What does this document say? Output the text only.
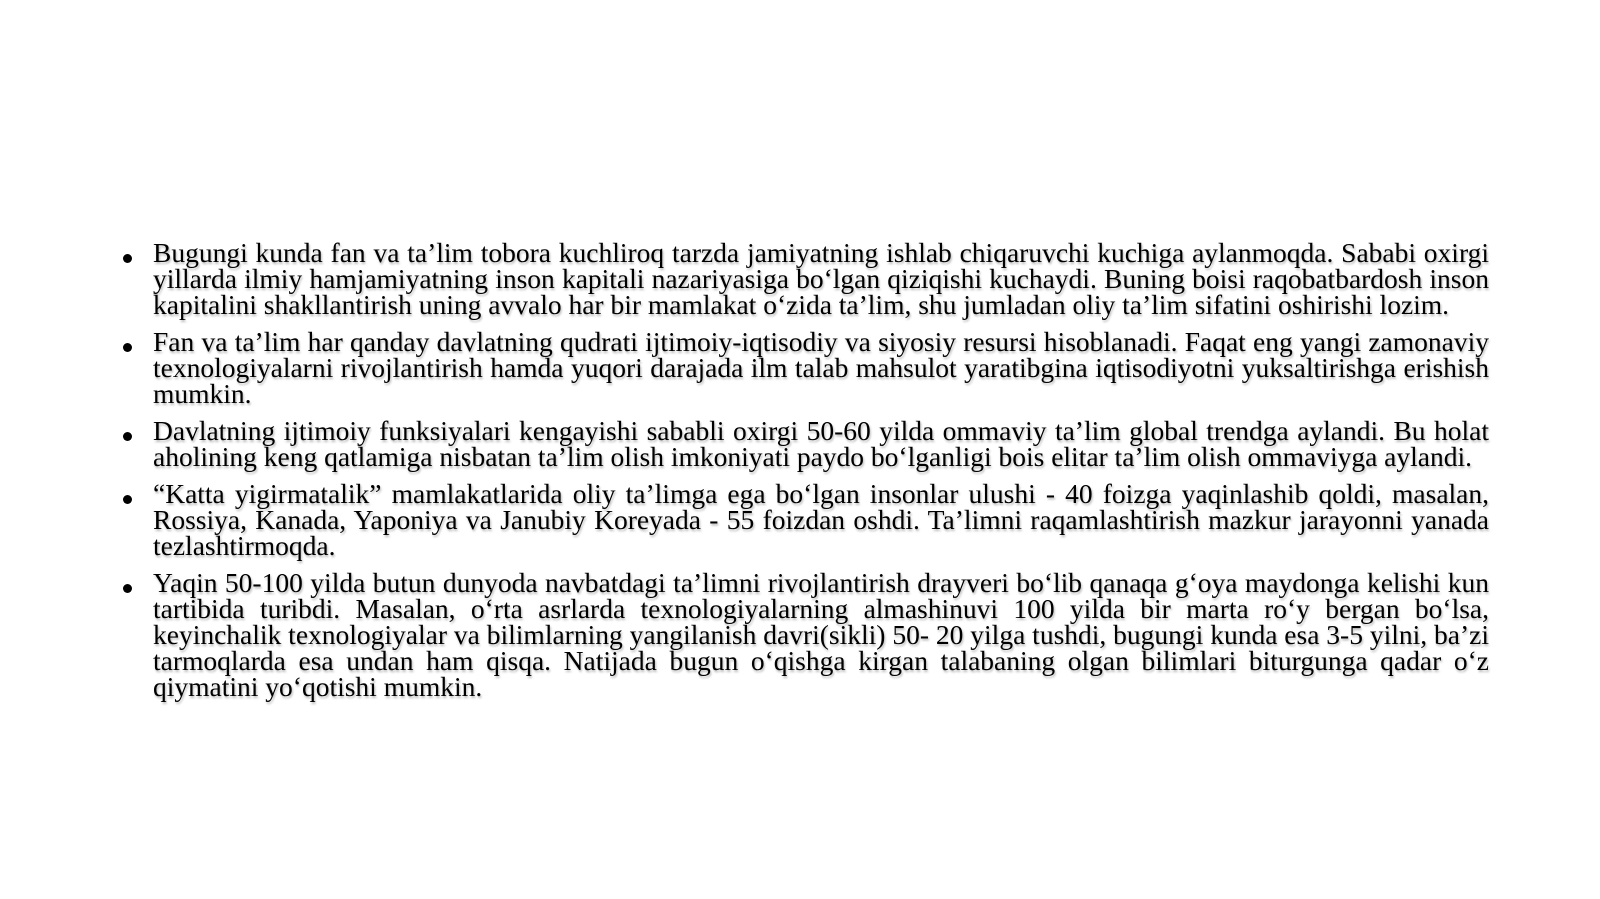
Bugungi kunda fan va ta’lim tobora kuchliroq tarzda jamiyatning ishlab chiqaruvchi kuchiga aylanmoqda. Sababi oxirgi yillarda ilmiy hamjamiyatning inson kapitali nazariyasiga bo‘lgan qiziqishi kuchaydi. Buning boisi raqobatbardosh inson kapitalini shakllantirish uning avvalo har bir mamlakat o‘zida ta’lim, shu jumladan oliy ta’lim sifatini oshirishi lozim.
Fan va ta’lim har qanday davlatning qudrati ijtimoiy-iqtisodiy va siyosiy resursi hisoblanadi. Faqat eng yangi zamonaviy texnologiyalarni rivojlantirish hamda yuqori darajada ilm talab mahsulot yaratibgina iqtisodiyotni yuksaltirishga erishish mumkin.
Davlatning ijtimoiy funksiyalari kengayishi sababli oxirgi 50-60 yilda ommaviy ta’lim global trendga aylandi. Bu holat aholining keng qatlamiga nisbatan ta’lim olish imkoniyati paydo bo‘lganligi bois elitar ta’lim olish ommaviyga aylandi.
“Katta yigirmatalik” mamlakatlarida oliy ta’limga ega bo‘lgan insonlar ulushi - 40 foizga yaqinlashib qoldi, masalan, Rossiya, Kanada, Yaponiya va Janubiy Koreyada - 55 foizdan oshdi. Ta’limni raqamlashtirish mazkur jarayonni yanada tezlashtirmoqda.
Yaqin 50-100 yilda butun dunyoda navbatdagi ta’limni rivojlantirish drayveri bo‘lib qanaqa g‘oya maydonga kelishi kun tartibida turibdi. Masalan, o‘rta asrlarda texnologiyalarning almashinuvi 100 yilda bir marta ro‘y bergan bo‘lsa, keyinchalik texnologiyalar va bilimlarning yangilanish davri(sikli) 50- 20 yilga tushdi, bugungi kunda esa 3-5 yilni, ba’zi tarmoqlarda esa undan ham qisqa. Natijada bugun o‘qishga kirgan talabaning olgan bilimlari biturgunga qadar o‘z qiymatini yo‘qotishi mumkin.
